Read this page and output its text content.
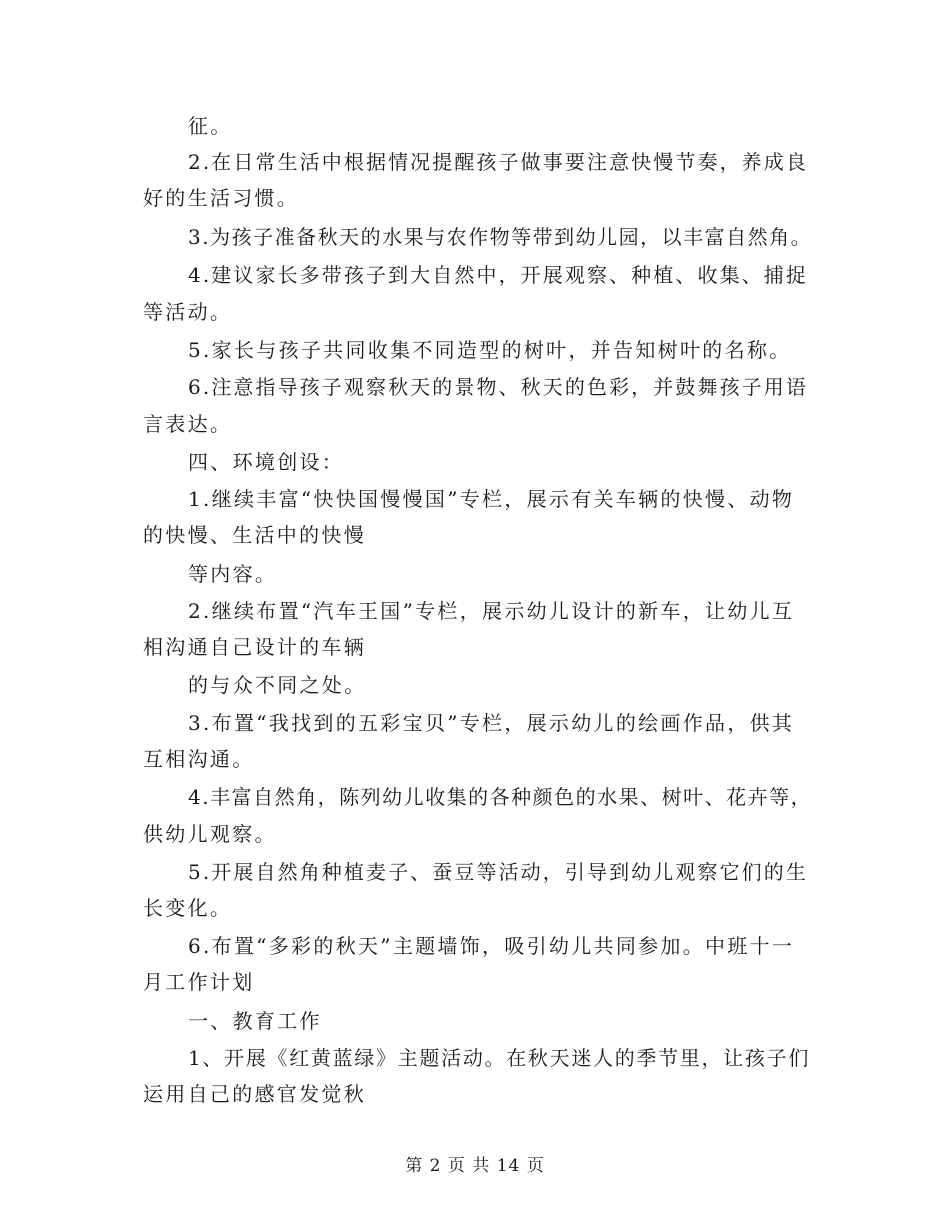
征。
2.在日常生活中根据情况提醒孩子做事要注意快慢节奏，养成良
好的生活习惯。
3.为孩子准备秋天的水果与农作物等带到幼儿园，以丰富自然角。
4.建议家长多带孩子到大自然中，开展观察、种植、收集、捕捉
等活动。
5.家长与孩子共同收集不同造型的树叶，并告知树叶的名称。
6.注意指导孩子观察秋天的景物、秋天的色彩，并鼓舞孩子用语
言表达。
四、环境创设：
1.继续丰富“快快国慢慢国”专栏，展示有关车辆的快慢、动物
的快慢、生活中的快慢
等内容。
2.继续布置“汽车王国”专栏，展示幼儿设计的新车，让幼儿互
相沟通自己设计的车辆
的与众不同之处。
3.布置“我找到的五彩宝贝”专栏，展示幼儿的绘画作品，供其
互相沟通。
4.丰富自然角，陈列幼儿收集的各种颜色的水果、树叶、花卉等，
供幼儿观察。
5.开展自然角种植麦子、蚕豆等活动，引导到幼儿观察它们的生
长变化。
6.布置“多彩的秋天”主题墙饰，吸引幼儿共同参加。中班十一
月工作计划
一、教育工作
1、开展《红黄蓝绿》主题活动。在秋天迷人的季节里，让孩子们
运用自己的感官发觉秋
第 2 页 共 14 页
